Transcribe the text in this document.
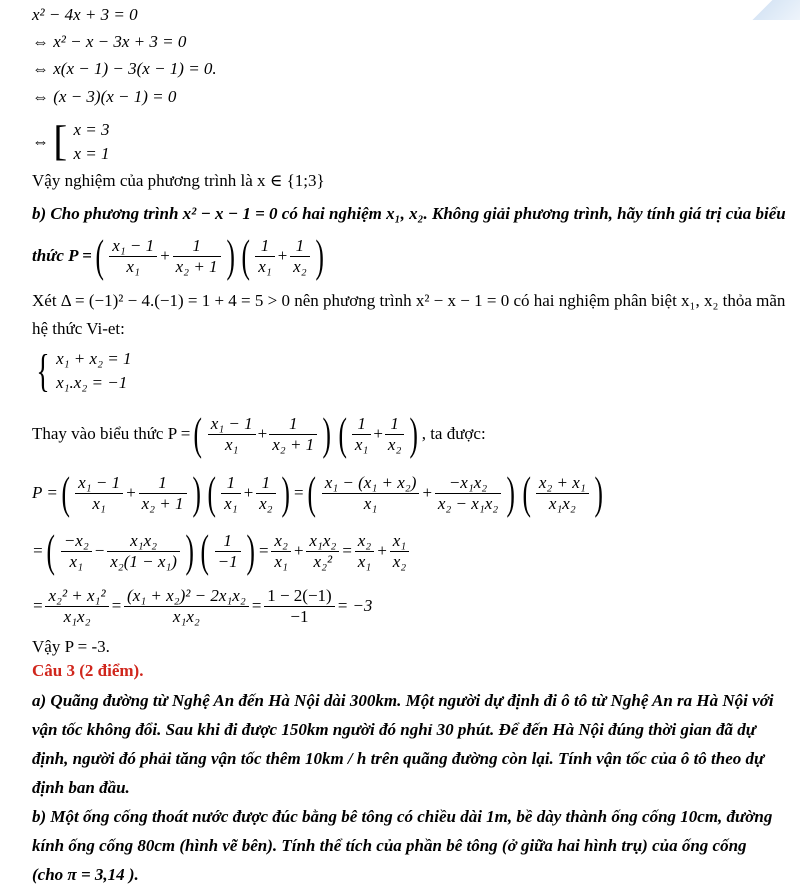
x² − 4x + 3 = 0
⇔ x² − x − 3x + 3 = 0
⇔ x(x − 1) − 3(x − 1) = 0.
⇔ (x − 3)(x − 1) = 0
⇔ [ x = 3
x = 1
Vậy nghiệm của phương trình là x ∈ {1;3}
b) Cho phương trình x² − x − 1 = 0 có hai nghiệm x₁, x₂. Không giải phương trình, hãy tính giá trị của biểu
thức P = ( $\frac{\text{x₁ − 1}}{\text{x₁}} + \frac{1}{\text{x₂ + 1}}$ ) ( $\frac{1}{\text{x₁}} + \frac{1}{\text{x₂}}$ )
Xét Δ = (−1)² − 4.(−1) = 1 + 4 = 5 > 0 nên phương trình x² − x − 1 = 0 có hai nghiệm phân biệt x₁, x₂ thỏa mãn
hệ thức Vi-et:
{ x₁ + x₂ = 1
x₁.x₂ = −1
Thay vào biểu thức P = ( $\frac{\text{x₁ − 1}}{\text{x₁}} + \frac{1}{\text{x₂ + 1}}$ ) ( $\frac{1}{\text{x₁}} + \frac{1}{\text{x₂}}$ ) , ta được:
P = ( $\frac{\text{x₁ − 1}}{\text{x₁}} + \frac{1}{\text{x₂ + 1}}$ ) ( $\frac{1}{\text{x₁}} + \frac{1}{\text{x₂}}$ ) = ( $\frac{\text{x₁ − (x₁ + x₂)}}{\text{x₁}} + \frac{\text{−x₁x₂}}{\text{x₂ − x₁x₂}}$ ) ( $\frac{\text{x₂ + x₁}}{\text{x₁x₂}}$ )
= ( $\frac{\text{−x₂}}{\text{x₁}} - \frac{\text{x₁x₂}}{\text{x₂(1 − x₁)}}$ ) ( $\frac{1}{-1}$ ) = $\frac{\text{x₂}}{\text{x₁}} + \frac{\text{x₁x₂}}{\text{x₂²}} = \frac{\text{x₂}}{\text{x₁}} + \frac{\text{x₁}}{\text{x₂}}$
= $\frac{\text{x₂² + x₁²}}{\text{x₁x₂}} = \frac{\text{(x₁ + x₂)² − 2x₁x₂}}{\text{x₁x₂}} = \frac{1 - 2(-1)}{-1} = -3$
Vậy P = -3.
Câu 3 (2 điểm).
a) Quãng đường từ Nghệ An đến Hà Nội dài 300km. Một người dự định đi ô tô từ Nghệ An ra Hà Nội với
vận tốc không đổi. Sau khi đi được 150km người đó nghỉ 30 phút. Để đến Hà Nội đúng thời gian đã dự
định, người đó phải tăng vận tốc thêm 10km / h trên quãng đường còn lại. Tính vận tốc của ô tô theo dự
định ban đầu.
b) Một ống cống thoát nước được đúc bằng bê tông có chiều dài 1m, bề dày thành ống cống 10cm, đường
kính ống cống 80cm (hình vẽ bên). Tính thể tích của phần bê tông (ở giữa hai hình trụ) của ống cống
(cho π = 3,14 ).
